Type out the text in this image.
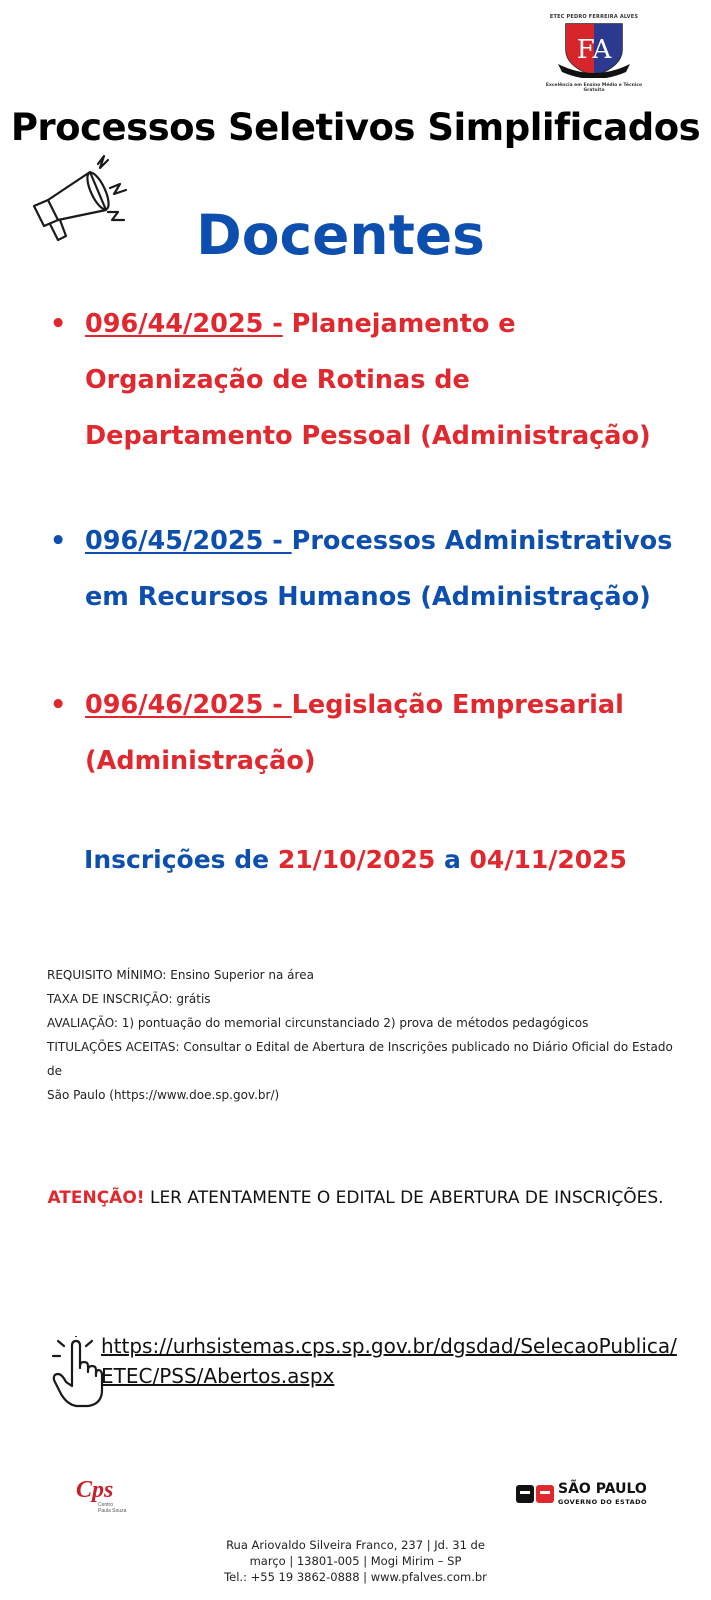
ETEC PEDRO FERREIRA ALVES
FA
Excelência em Ensino Médio e Técnico Gratuito
Processos Seletivos Simplificados
Docentes
• 096/44/2025 - Planejamento e
Organização de Rotinas de
Departamento Pessoal (Administração)
• 096/45/2025 - Processos Administrativos
em Recursos Humanos (Administração)
• 096/46/2025 - Legislação Empresarial
(Administração)
Inscrições de 21/10/2025 a 04/11/2025
REQUISITO MÍNIMO: Ensino Superior na área
TAXA DE INSCRIÇÃO: grátis
AVALIAÇÃO: 1) pontuação do memorial circunstanciado 2) prova de métodos pedagógicos
TITULAÇÕES ACEITAS: Consultar o Edital de Abertura de Inscrições publicado no Diário Oficial do Estado de
São Paulo (https://www.doe.sp.gov.br/)
ATENÇÃO! LER ATENTAMENTE O EDITAL DE ABERTURA DE INSCRIÇÕES.
https://urhsistemas.cps.sp.gov.br/dgsdad/SelecaoPublica/
ETEC/PSS/Abertos.aspx
Cps
Centro
Paula Souza
SÃO PAULO
GOVERNO DO ESTADO
Rua Ariovaldo Silveira Franco, 237 | Jd. 31 de
março | 13801-005 | Mogi Mirim – SP
Tel.: +55 19 3862-0888 | www.pfalves.com.br
